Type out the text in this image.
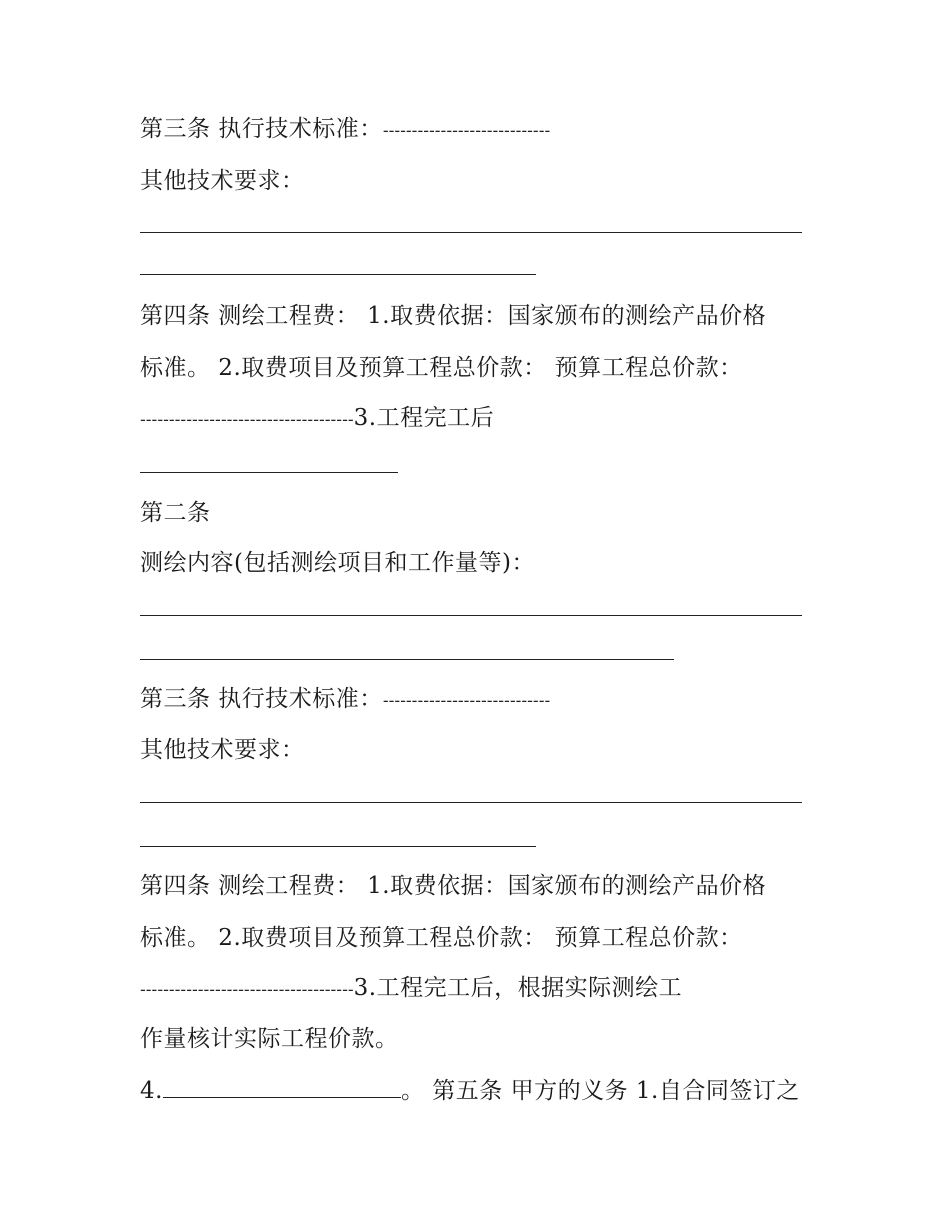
第三条 执行技术标准：-----------------------------
其他技术要求：
第四条 测绘工程费： 1.取费依据：国家颁布的测绘产品价格
标准。 2.取费项目及预算工程总价款： 预算工程总价款：
-------------------------------------3.工程完工后
第二条
测绘内容(包括测绘项目和工作量等)：
第三条 执行技术标准：-----------------------------
其他技术要求：
第四条 测绘工程费： 1.取费依据：国家颁布的测绘产品价格
标准。 2.取费项目及预算工程总价款： 预算工程总价款：
-------------------------------------3.工程完工后，根据实际测绘工
作量核计实际工程价款。
4.	。 第五条 甲方的义务 1.自合同签订之
